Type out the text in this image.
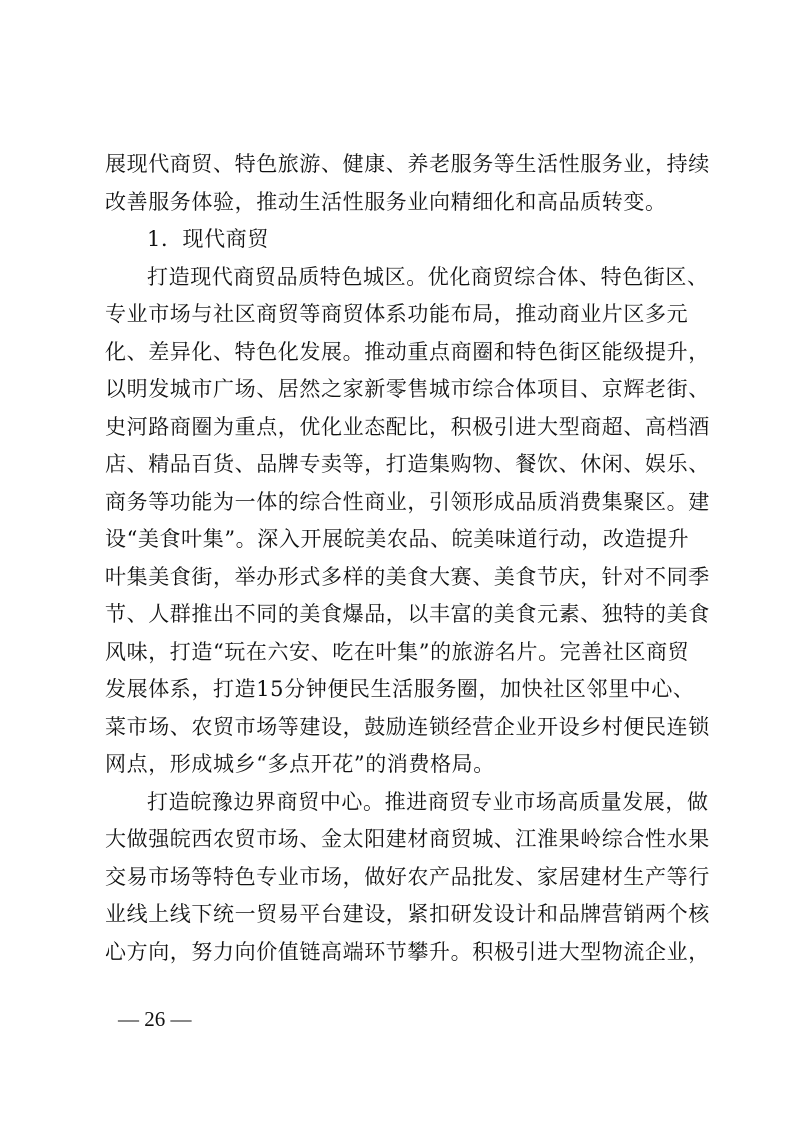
展现代商贸、特色旅游、健康、养老服务等生活性服务业，持续
改善服务体验，推动生活性服务业向精细化和高品质转变。
1．现代商贸
打造现代商贸品质特色城区。优化商贸综合体、特色街区、
专业市场与社区商贸等商贸体系功能布局，推动商业片区多元
化、差异化、特色化发展。推动重点商圈和特色街区能级提升，
以明发城市广场、居然之家新零售城市综合体项目、京辉老街、
史河路商圈为重点，优化业态配比，积极引进大型商超、高档酒
店、精品百货、品牌专卖等，打造集购物、餐饮、休闲、娱乐、
商务等功能为一体的综合性商业，引领形成品质消费集聚区。建
设“美食叶集”。深入开展皖美农品、皖美味道行动，改造提升
叶集美食街，举办形式多样的美食大赛、美食节庆，针对不同季
节、人群推出不同的美食爆品，以丰富的美食元素、独特的美食
风味，打造“玩在六安、吃在叶集”的旅游名片。完善社区商贸
发展体系，打造15分钟便民生活服务圈，加快社区邻里中心、
菜市场、农贸市场等建设，鼓励连锁经营企业开设乡村便民连锁
网点，形成城乡“多点开花”的消费格局。
打造皖豫边界商贸中心。推进商贸专业市场高质量发展，做
大做强皖西农贸市场、金太阳建材商贸城、江淮果岭综合性水果
交易市场等特色专业市场，做好农产品批发、家居建材生产等行
业线上线下统一贸易平台建设，紧扣研发设计和品牌营销两个核
心方向，努力向价值链高端环节攀升。积极引进大型物流企业，
— 26 —
